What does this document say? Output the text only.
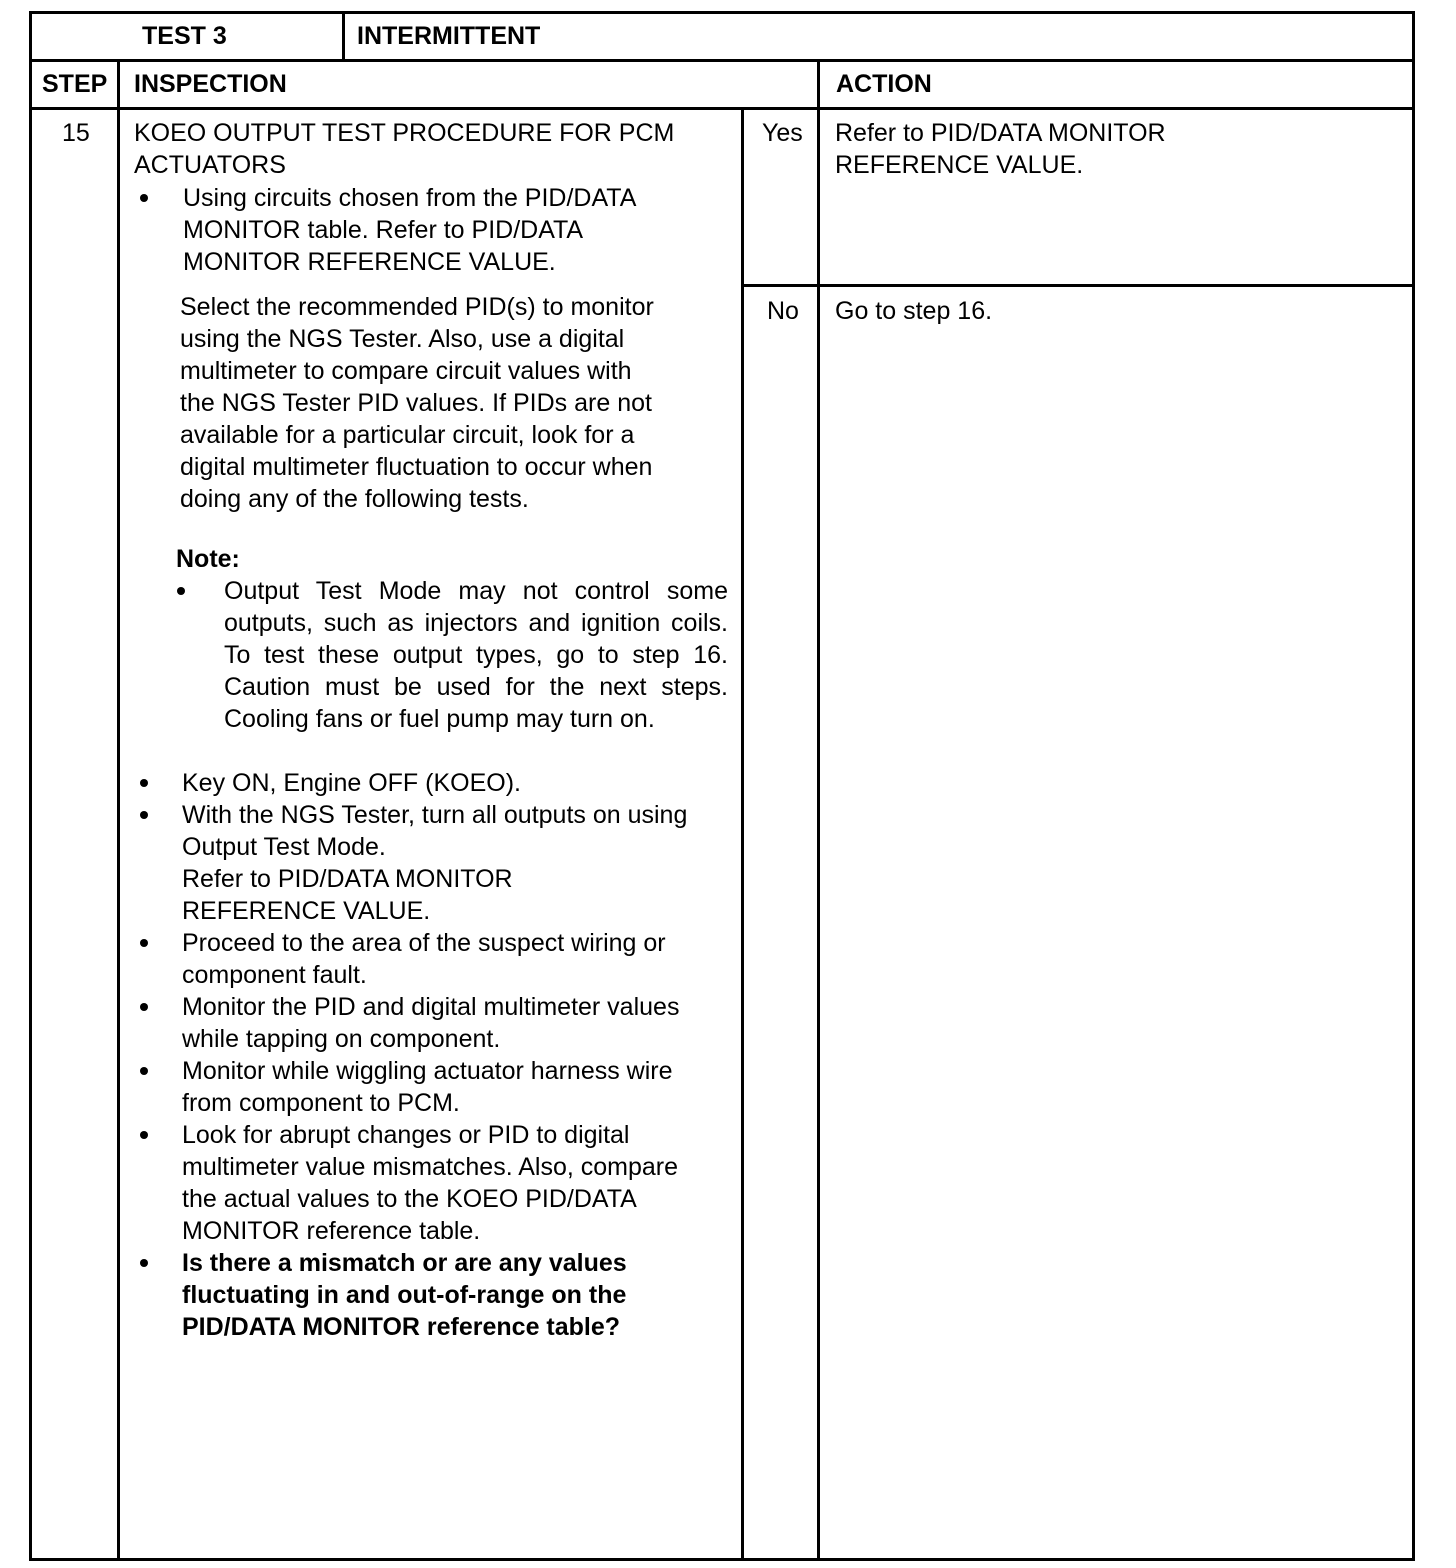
TEST 3	INTERMITTENT
STEP INSPECTION	ACTION
15 KOEO OUTPUT TEST PROCEDURE FOR PCM
ACTUATORS
Using circuits chosen from the PID/DATA
MONITOR table. Refer to PID/DATA
MONITOR REFERENCE VALUE.
Select the recommended PID(s) to monitor
using the NGS Tester. Also, use a digital
multimeter to compare circuit values with
the NGS Tester PID values. If PIDs are not
available for a particular circuit, look for a
digital multimeter fluctuation to occur when
doing any of the following tests.
Note:
Output Test Mode may not control some outputs, such as injectors and ignition coils. To test these output types, go to step 16. Caution must be used for the next steps. Cooling fans or fuel pump may turn on.
Key ON, Engine OFF (KOEO).
With the NGS Tester, turn all outputs on using
Output Test Mode.
Refer to PID/DATA MONITOR
REFERENCE VALUE.
Proceed to the area of the suspect wiring or
component fault.
Monitor the PID and digital multimeter values
while tapping on component.
Monitor while wiggling actuator harness wire
from component to PCM.
Look for abrupt changes or PID to digital
multimeter value mismatches. Also, compare
the actual values to the KOEO PID/DATA
MONITOR reference table.
Is there a mismatch or are any values
fluctuating in and out-of-range on the
PID/DATA MONITOR reference table?
Yes Refer to PID/DATA MONITOR
REFERENCE VALUE.
No Go to step 16.
